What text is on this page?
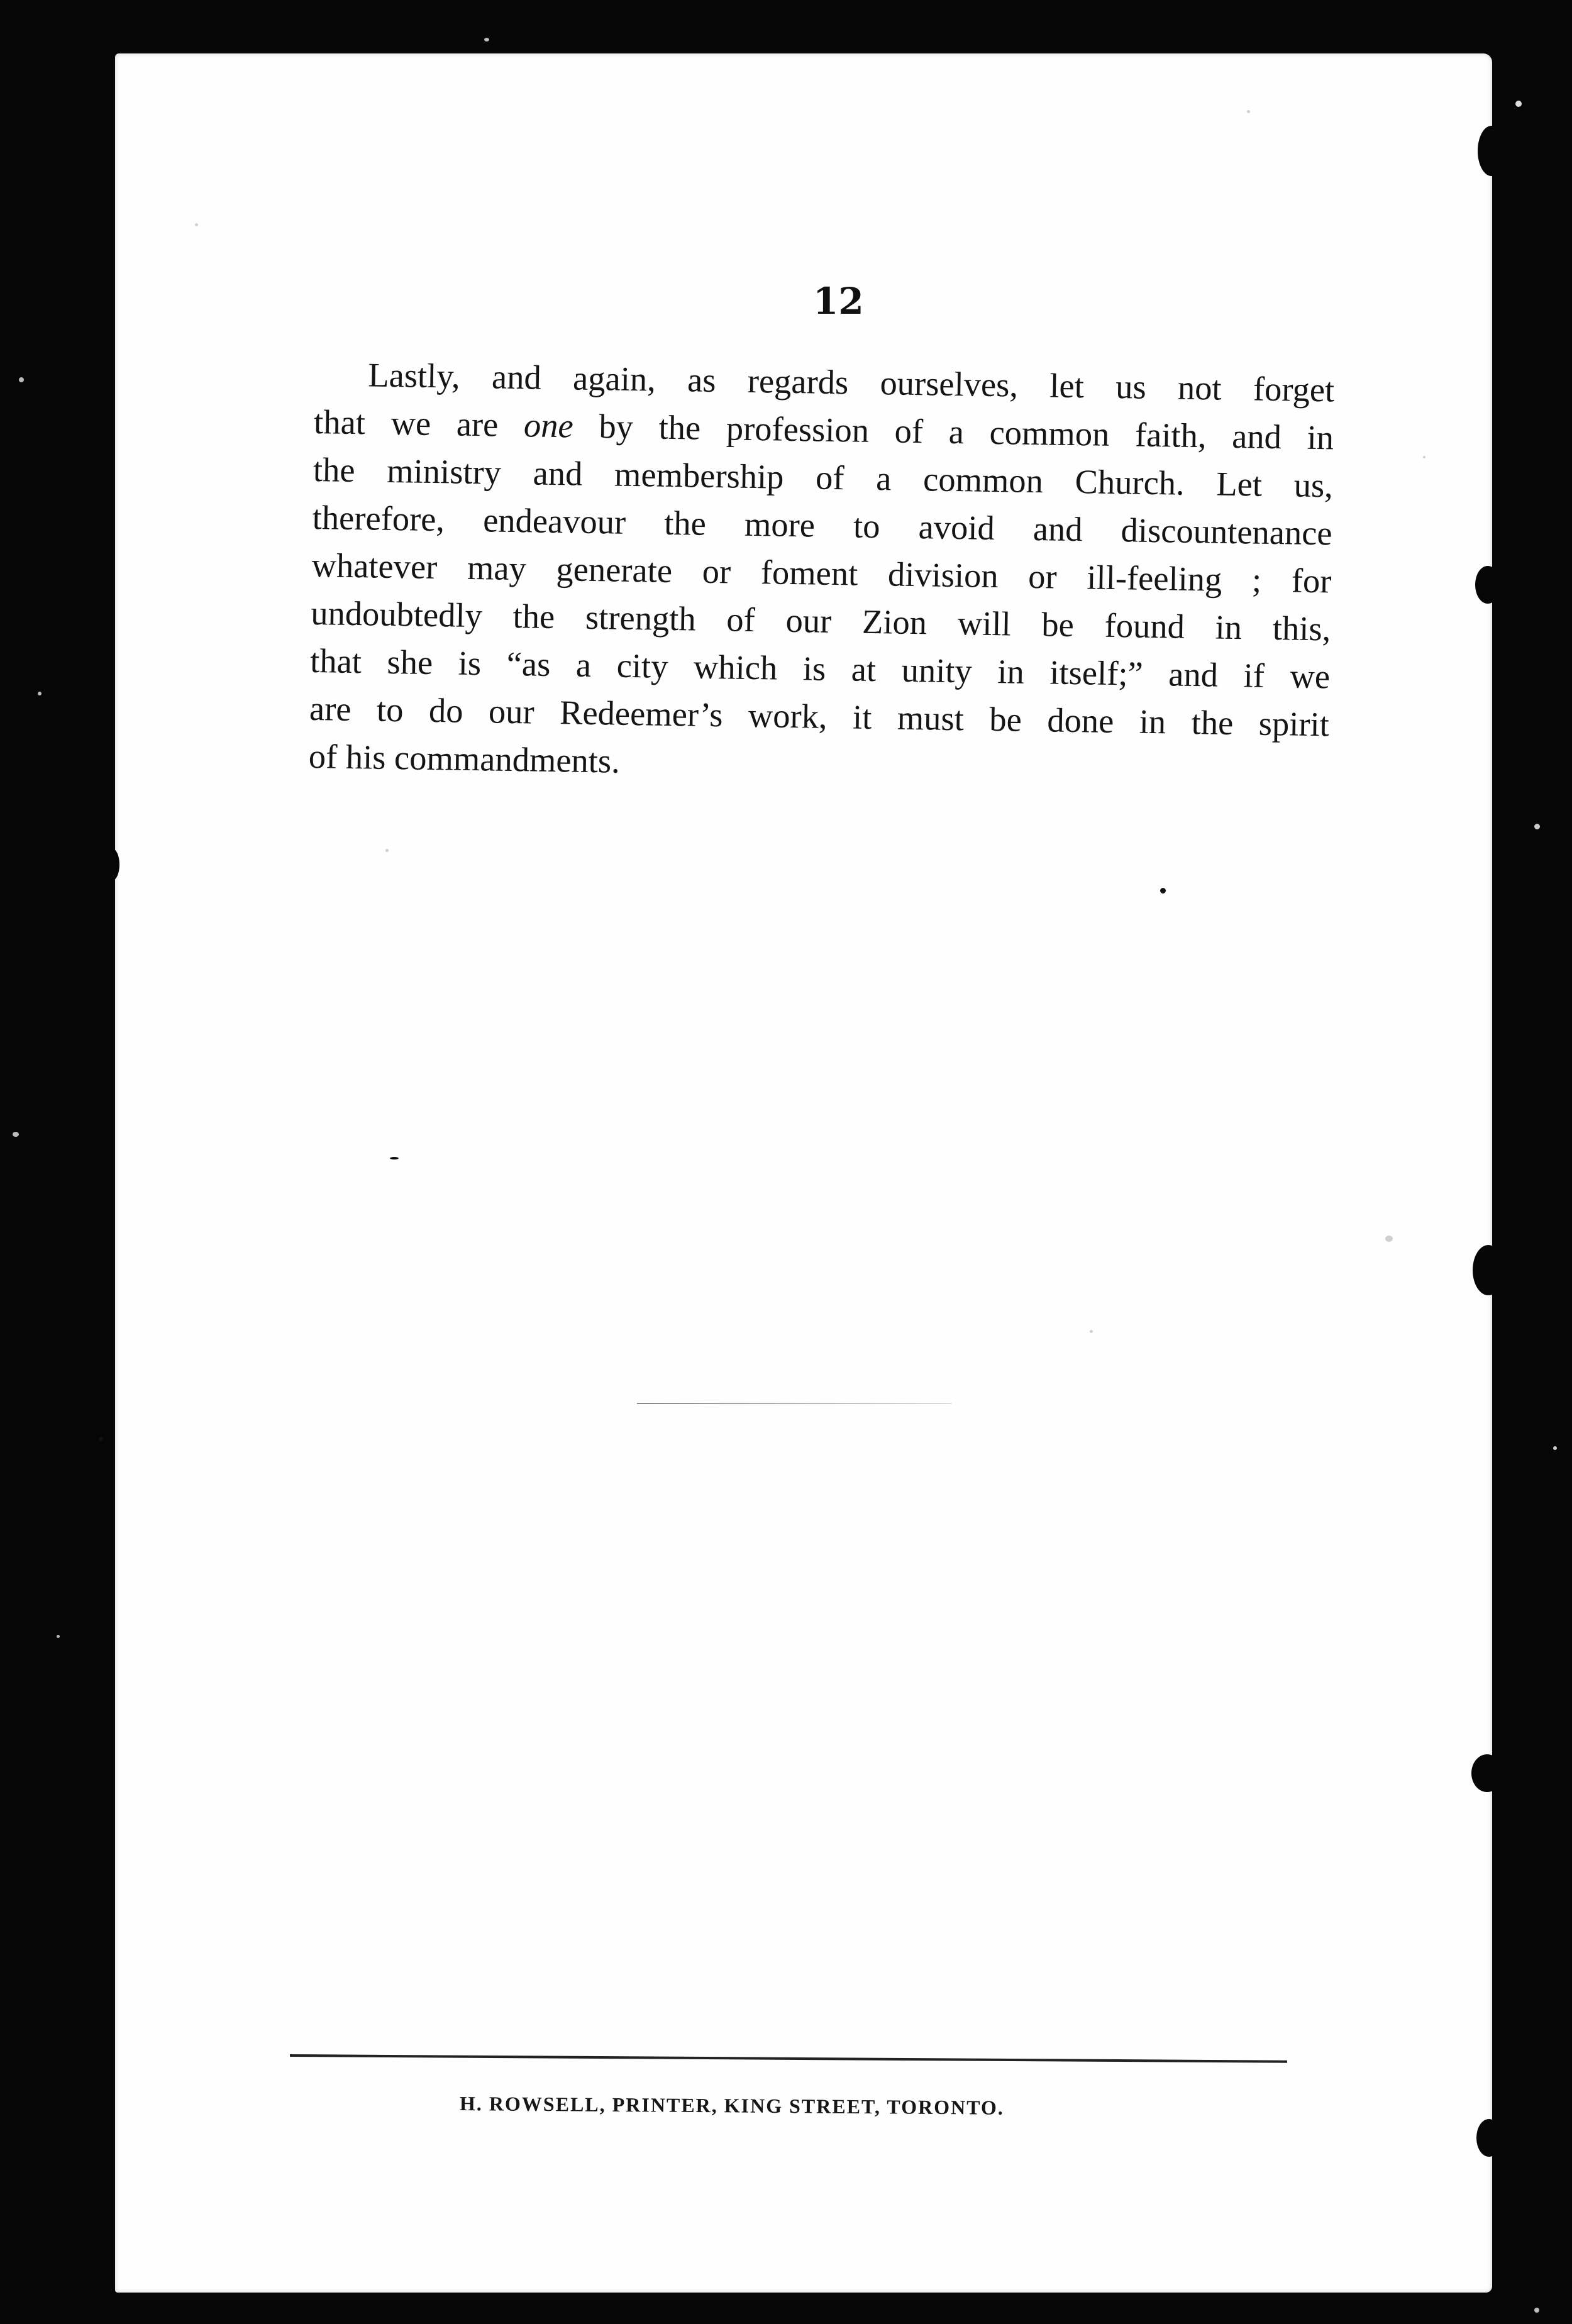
12
Lastly, and again, as regards ourselves, let us not forget
that we are one by the profession of a common faith, and in
the ministry and membership of a common Church. Let us,
therefore, endeavour the more to avoid and discountenance
whatever may generate or foment division or ill-feeling ; for
undoubtedly the strength of our Zion will be found in this,
that she is “as a city which is at unity in itself;” and if we
are to do our Redeemer’s work, it must be done in the spirit
of his commandments.
H. ROWSELL, PRINTER, KING STREET, TORONTO.
